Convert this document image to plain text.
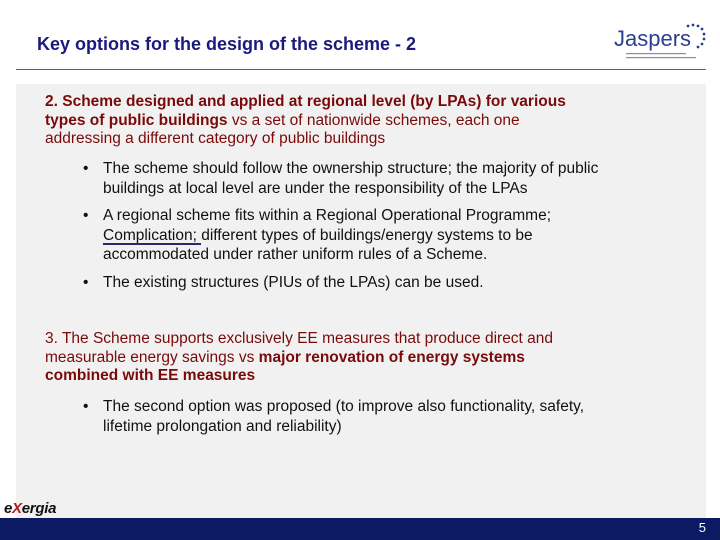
Key options for the design of the scheme - 2	Jaspers
2. Scheme designed and applied at regional level (by LPAs) for various
types of public buildings vs a set of nationwide schemes, each one
addressing a different category of public buildings
• The scheme should follow the ownership structure; the majority of public
buildings at local level are under the responsibility of the LPAs
• A regional scheme fits within a Regional Operational Programme;
Complication; different types of buildings/energy systems to be
accommodated under rather uniform rules of a Scheme.
• The existing structures (PIUs of the LPAs) can be used.
3. The Scheme supports exclusively EE measures that produce direct and
measurable energy savings vs major renovation of energy systems
combined with EE measures
• The second option was proposed (to improve also functionality, safety,
lifetime prolongation and reliability)
eXergia
5
